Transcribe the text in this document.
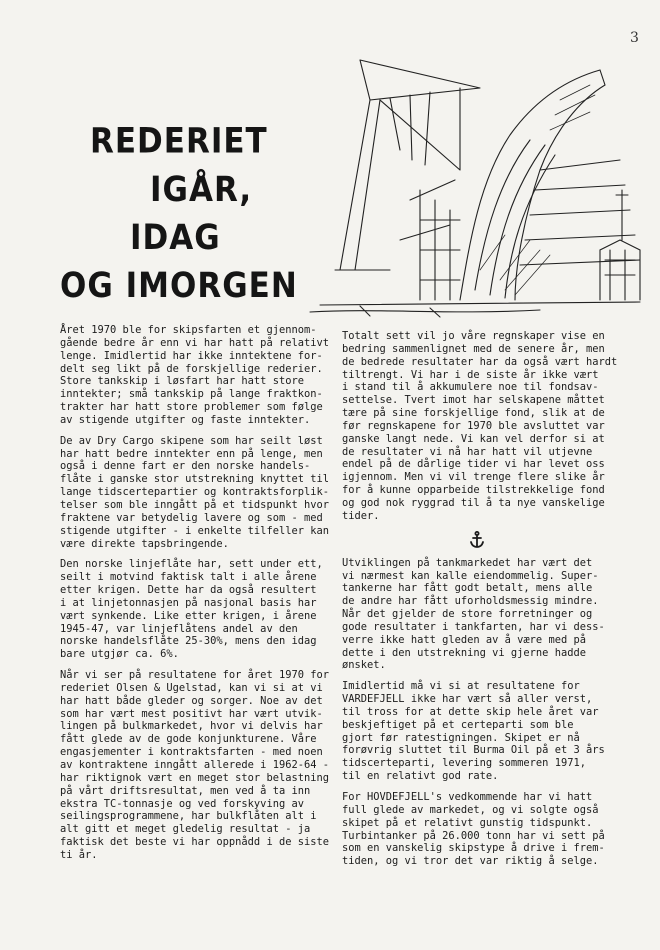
3
REDERIET
IGÅR,
IDAG
OG IMORGEN

Året 1970 ble for skipsfarten et gjennom-
gående bedre år enn vi har hatt på relativt
lenge. Imidlertid har ikke inntektene for-
delt seg likt på de forskjellige rederier.
Store tankskip i løsfart har hatt store
inntekter; små tankskip på lange fraktkon-
trakter har hatt store problemer som følge
av stigende utgifter og faste inntekter.

De av Dry Cargo skipene som har seilt løst
har hatt bedre inntekter enn på lenge, men
også i denne fart er den norske handels-
flåte i ganske stor utstrekning knyttet til
lange tidscertepartier og kontraktsforplik-
telser som ble inngått på et tidspunkt hvor
fraktene var betydelig lavere og som - med
stigende utgifter - i enkelte tilfeller kan
være direkte tapsbringende.

Den norske linjeflåte har, sett under ett,
seilt i motvind faktisk talt i alle årene
etter krigen. Dette har da også resultert
i at linjetonnasjen på nasjonal basis har
vært synkende. Like etter krigen, i årene
1945-47, var linjeflåtens andel av den
norske handelsflåte 25-30%, mens den idag
bare utgjør ca. 6%.

Når vi ser på resultatene for året 1970 for
rederiet Olsen & Ugelstad, kan vi si at vi
har hatt både gleder og sorger. Noe av det
som har vært mest positivt har vært utvik-
lingen på bulkmarkedet, hvor vi delvis har
fått glede av de gode konjunkturene. Våre
engasjementer i kontraktsfarten - med noen
av kontraktene inngått allerede i 1962-64 -
har riktignok vært en meget stor belastning
på vårt driftsresultat, men ved å ta inn
ekstra TC-tonnasje og ved forskyving av
seilingsprogrammene, har bulkflåten alt i
alt gitt et meget gledelig resultat - ja
faktisk det beste vi har oppnådd i de siste
ti år.

Totalt sett vil jo våre regnskaper vise en
bedring sammenlignet med de senere år, men
de bedrede resultater har da også vært hardt
tiltrengt. Vi har i de siste år ikke vært
i stand til å akkumulere noe til fondsav-
settelse. Tvert imot har selskapene måttet
tære på sine forskjellige fond, slik at de
før regnskapene for 1970 ble avsluttet var
ganske langt nede. Vi kan vel derfor si at
de resultater vi nå har hatt vil utjevne
endel på de dårlige tider vi har levet oss
igjennom. Men vi vil trenge flere slike år
for å kunne opparbeide tilstrekkelige fond
og god nok ryggrad til å ta nye vanskelige
tider.

Utviklingen på tankmarkedet har vært det
vi nærmest kan kalle eiendommelig. Super-
tankerne har fått godt betalt, mens alle
de andre har fått uforholdsmessig mindre.
Når det gjelder de store forretninger og
gode resultater i tankfarten, har vi dess-
verre ikke hatt gleden av å være med på
dette i den utstrekning vi gjerne hadde
ønsket.

Imidlertid må vi si at resultatene for
VARDEFJELL ikke har vært så aller verst,
til tross for at dette skip hele året var
beskjeftiget på et certeparti som ble
gjort før ratestigningen. Skipet er nå
forøvrig sluttet til Burma Oil på et 3 års
tidscerteparti, levering sommeren 1971,
til en relativt god rate.

For HOVDEFJELL's vedkommende har vi hatt
full glede av markedet, og vi solgte også
skipet på et relativt gunstig tidspunkt.
Turbintanker på 26.000 tonn har vi sett på
som en vanskelig skipstype å drive i frem-
tiden, og vi tror det var riktig å selge.
